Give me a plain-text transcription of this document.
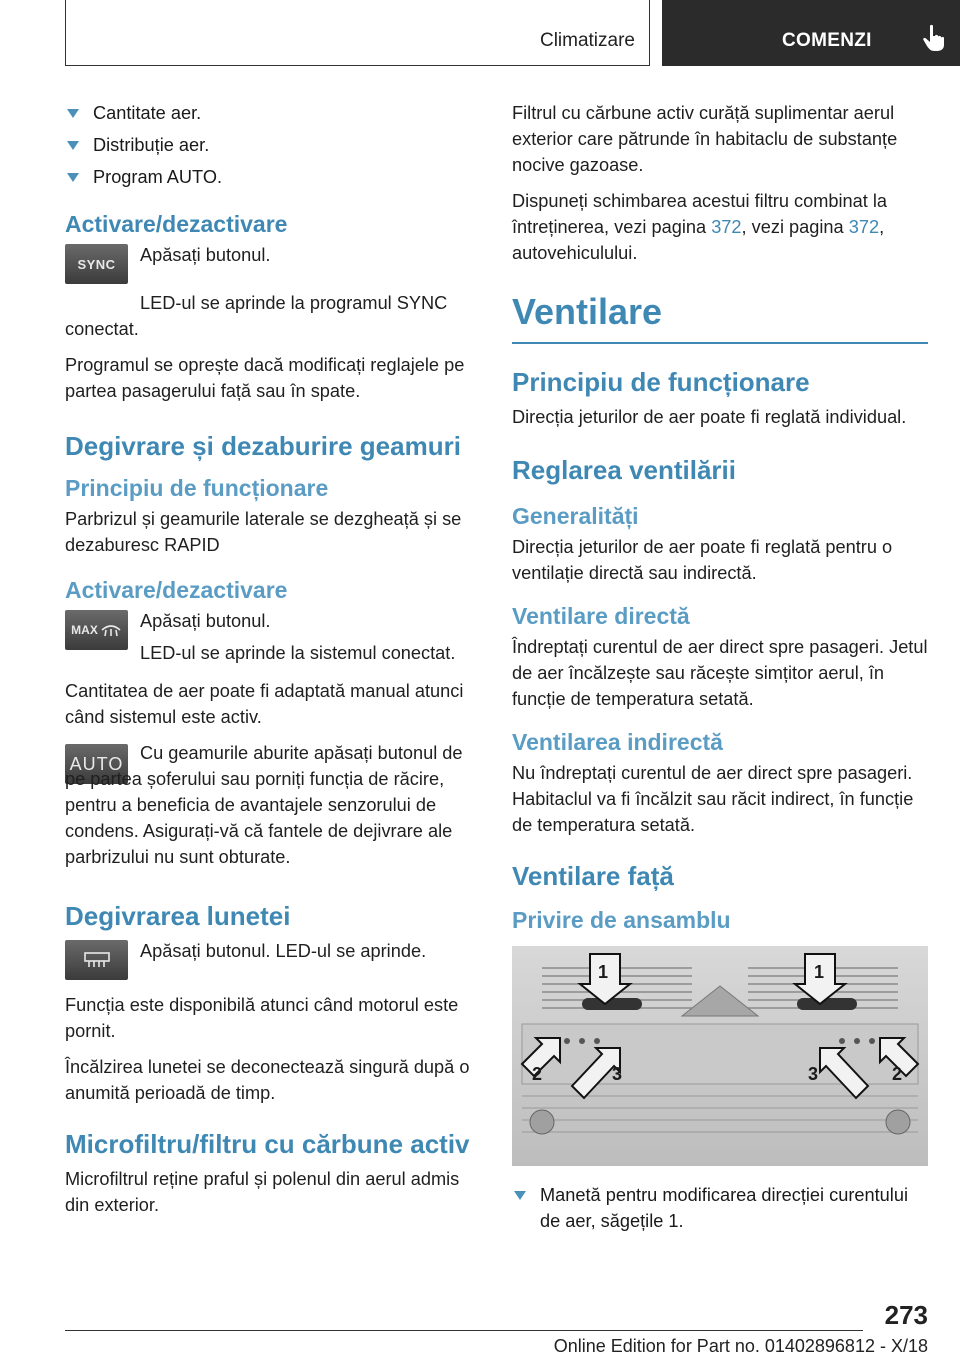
Climatizare	COMENZI
Cantitate aer.
Distribuție aer.
Program AUTO.
Activare/dezactivare
SYNC	Apăsați butonul.

LED-ul se aprinde la programul SYNC conectat.

Programul se oprește dacă modificați reglajele pe partea pasagerului față sau în spate.

Degivrare și dezaburire geamuri
Principiu de funcționare

Parbrizul și geamurile laterale se dezgheață și se dezaburesc RAPID

Activare/dezactivare
MAX Apăsați butonul.

LED-ul se aprinde la sistemul conectat.

Cantitatea de aer poate fi adaptată manual atunci când sistemul este activ.

AUTO

Cu geamurile aburite apăsați butonul de pe partea șoferului sau porniți funcția de răcire, pentru a beneficia de avantajele senzorului de condens. Asigurați-vă că fantele de dejivrare ale parbrizului nu sunt obturate.

Degivrarea lunetei

Apăsați butonul. LED-ul se aprinde.

Funcția este disponibilă atunci când motorul este pornit.

Încălzirea lunetei se deconectează singură după o anumită perioadă de timp.

Microfiltru/filtru cu cărbune activ

Microfiltrul reține praful și polenul din aerul admis din exterior.

Filtrul cu cărbune activ curăță suplimentar aerul exterior care pătrunde în habitaclu de substanțe nocive gazoase.

Dispuneți schimbarea acestui filtru combinat la întreținerea, vezi pagina 372, vezi pagina 372, autovehiculului.

Ventilare
Principiu de funcționare

Direcția jeturilor de aer poate fi reglată individual.

Reglarea ventilării
Generalități

Direcția jeturilor de aer poate fi reglată pentru o ventilație directă sau indirectă.

Ventilare directă

Îndreptați curentul de aer direct spre pasageri. Jetul de aer încălzește sau răcește simțitor aerul, în funcție de temperatura setată.

Ventilarea indirectă

Nu îndreptați curentul de aer direct spre pasageri. Habitaclul va fi încălzit sau răcit indirect, în funcție de temperatura setată.

Ventilare față
Privire de ansamblu
1	1
2	3	3	2
Manetă pentru modificarea direcției curentului de aer, săgețile 1.
273
Online Edition for Part no. 01402896812 - X/18
